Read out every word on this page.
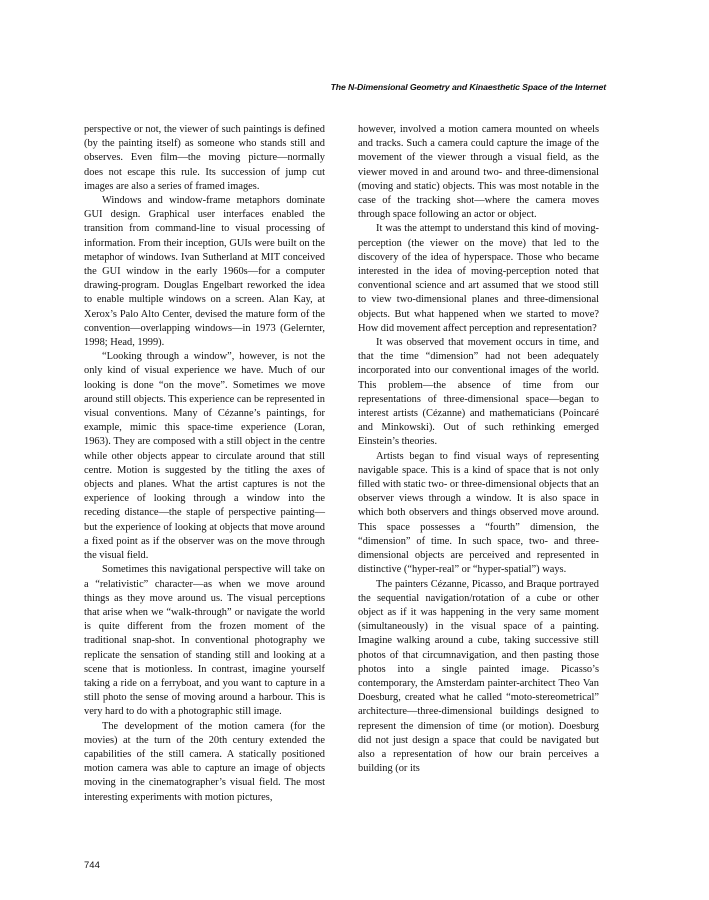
The N-Dimensional Geometry and Kinaesthetic Space of the Internet

perspective or not, the viewer of such paintings is defined (by the painting itself) as someone who stands still and observes. Even film—the moving picture—normally does not escape this rule. Its succession of jump cut images are also a series of framed images.

Windows and window-frame metaphors dominate GUI design. Graphical user interfaces enabled the transition from command-line to visual processing of information. From their inception, GUIs were built on the metaphor of windows. Ivan Sutherland at MIT conceived the GUI window in the early 1960s—for a computer drawing-program. Douglas Engelbart reworked the idea to enable multiple windows on a screen. Alan Kay, at Xerox’s Palo Alto Center, devised the mature form of the convention—overlapping windows—in 1973 (Gelernter, 1998; Head, 1999).

“Looking through a window”, however, is not the only kind of visual experience we have. Much of our looking is done “on the move”. Sometimes we move around still objects. This experience can be represented in visual conventions. Many of Cézanne’s paintings, for example, mimic this space-time experience (Loran, 1963). They are composed with a still object in the centre while other objects appear to circulate around that still centre. Motion is suggested by the titling the axes of objects and planes. What the artist captures is not the experience of looking through a window into the receding distance—the staple of perspective painting—but the experience of looking at objects that move around a fixed point as if the observer was on the move through the visual field.

Sometimes this navigational perspective will take on a “relativistic” character—as when we move around things as they move around us. The visual perceptions that arise when we “walk-through” or navigate the world is quite different from the frozen moment of the traditional snap-shot. In conventional photography we replicate the sensation of standing still and looking at a scene that is motionless. In contrast, imagine yourself taking a ride on a ferryboat, and you want to capture in a still photo the sense of moving around a harbour. This is very hard to do with a photographic still image.

The development of the motion camera (for the movies) at the turn of the 20th century extended the capabilities of the still camera. A statically positioned motion camera was able to capture an image of objects moving in the cinematographer’s visual field. The most interesting experiments with motion pictures,

however, involved a motion camera mounted on wheels and tracks. Such a camera could capture the image of the movement of the viewer through a visual field, as the viewer moved in and around two- and three-dimensional (moving and static) objects. This was most notable in the case of the tracking shot—where the camera moves through space following an actor or object.

It was the attempt to understand this kind of moving-perception (the viewer on the move) that led to the discovery of the idea of hyperspace. Those who became interested in the idea of moving-perception noted that conventional science and art assumed that we stood still to view two-dimensional planes and three-dimensional objects. But what happened when we started to move? How did movement affect perception and representation?

It was observed that movement occurs in time, and that the time “dimension” had not been adequately incorporated into our conventional images of the world. This problem—the absence of time from our representations of three-dimensional space—began to interest artists (Cézanne) and mathematicians (Poincaré and Minkowski). Out of such rethinking emerged Einstein’s theories.

Artists began to find visual ways of representing navigable space. This is a kind of space that is not only filled with static two- or three-dimensional objects that an observer views through a window. It is also space in which both observers and things observed move around. This space possesses a “fourth” dimension, the “dimension” of time. In such space, two- and three-dimensional objects are perceived and represented in distinctive (“hyper-real” or “hyper-spatial”) ways.

The painters Cézanne, Picasso, and Braque portrayed the sequential navigation/rotation of a cube or other object as if it was happening in the very same moment (simultaneously) in the visual space of a painting. Imagine walking around a cube, taking successive still photos of that circumnavigation, and then pasting those photos into a single painted image. Picasso’s contemporary, the Amsterdam painter-architect Theo Van Doesburg, created what he called “moto-stereometrical” architecture—three-dimensional buildings designed to represent the dimension of time (or motion). Doesburg did not just design a space that could be navigated but also a representation of how our brain perceives a building (or its

744
